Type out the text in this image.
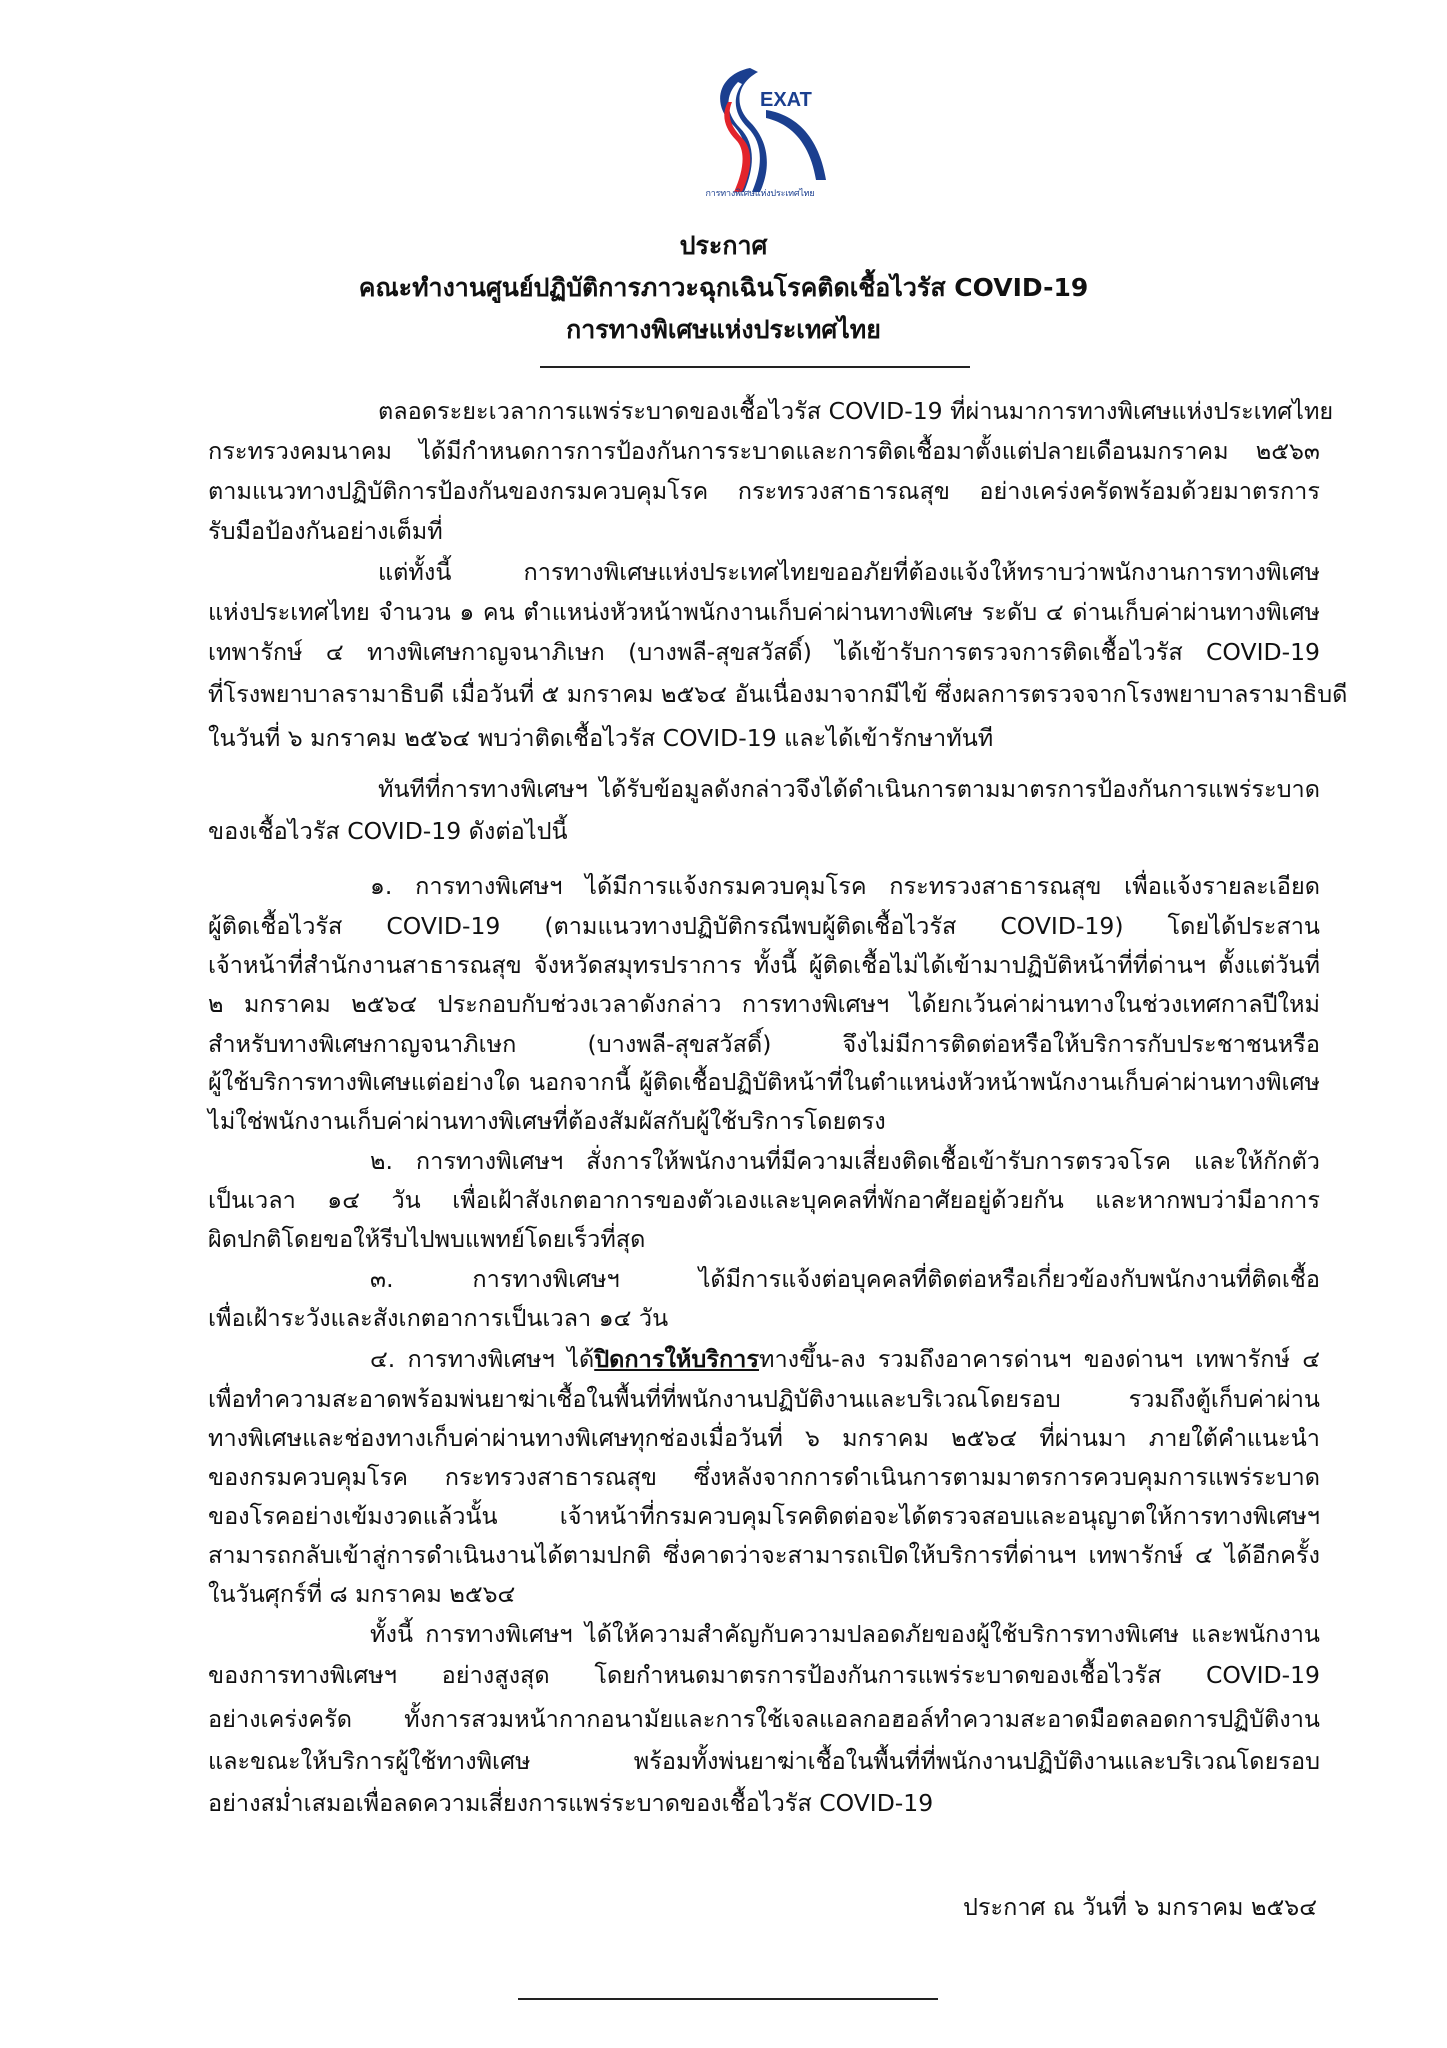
EXAT
การทางพิเศษแห่งประเทศไทย
ประกาศ
คณะทำงานศูนย์ปฏิบัติการภาวะฉุกเฉินโรคติดเชื้อไวรัส COVID-19
การทางพิเศษแห่งประเทศไทย
ตลอดระยะเวลาการแพร่ระบาดของเชื้อไวรัส COVID-19 ที่ผ่านมาการทางพิเศษแห่งประเทศไทย
กระทรวงคมนาคม ได้มีกำหนดการการป้องกันการระบาดและการติดเชื้อมาตั้งแต่ปลายเดือนมกราคม ๒๕๖๓
ตามแนวทางปฏิบัติการป้องกันของกรมควบคุมโรค กระทรวงสาธารณสุข อย่างเคร่งครัดพร้อมด้วยมาตรการ
รับมือป้องกันอย่างเต็มที่
แต่ทั้งนี้ การทางพิเศษแห่งประเทศไทยขออภัยที่ต้องแจ้งให้ทราบว่าพนักงานการทางพิเศษ
แห่งประเทศไทย จำนวน ๑ คน ตำแหน่งหัวหน้าพนักงานเก็บค่าผ่านทางพิเศษ ระดับ ๔ ด่านเก็บค่าผ่านทางพิเศษ
เทพารักษ์ ๔ ทางพิเศษกาญจนาภิเษก (บางพลี-สุขสวัสดิ์) ได้เข้ารับการตรวจการติดเชื้อไวรัส COVID-19
ที่โรงพยาบาลรามาธิบดี เมื่อวันที่ ๕ มกราคม ๒๕๖๔ อันเนื่องมาจากมีไข้ ซึ่งผลการตรวจจากโรงพยาบาลรามาธิบดี
ในวันที่ ๖ มกราคม ๒๕๖๔ พบว่าติดเชื้อไวรัส COVID-19 และได้เข้ารักษาทันที
ทันทีที่การทางพิเศษฯ ได้รับข้อมูลดังกล่าวจึงได้ดำเนินการตามมาตรการป้องกันการแพร่ระบาด
ของเชื้อไวรัส COVID-19 ดังต่อไปนี้
๑. การทางพิเศษฯ ได้มีการแจ้งกรมควบคุมโรค กระทรวงสาธารณสุข เพื่อแจ้งรายละเอียด
ผู้ติดเชื้อไวรัส COVID-19 (ตามแนวทางปฏิบัติกรณีพบผู้ติดเชื้อไวรัส COVID-19) โดยได้ประสาน
เจ้าหน้าที่สำนักงานสาธารณสุข จังหวัดสมุทรปราการ ทั้งนี้ ผู้ติดเชื้อไม่ได้เข้ามาปฏิบัติหน้าที่ที่ด่านฯ ตั้งแต่วันที่
๒ มกราคม ๒๕๖๔ ประกอบกับช่วงเวลาดังกล่าว การทางพิเศษฯ ได้ยกเว้นค่าผ่านทางในช่วงเทศกาลปีใหม่
สำหรับทางพิเศษกาญจนาภิเษก (บางพลี-สุขสวัสดิ์) จึงไม่มีการติดต่อหรือให้บริการกับประชาชนหรือ
ผู้ใช้บริการทางพิเศษแต่อย่างใด นอกจากนี้ ผู้ติดเชื้อปฏิบัติหน้าที่ในตำแหน่งหัวหน้าพนักงานเก็บค่าผ่านทางพิเศษ
ไม่ใช่พนักงานเก็บค่าผ่านทางพิเศษที่ต้องสัมผัสกับผู้ใช้บริการโดยตรง
๒. การทางพิเศษฯ สั่งการให้พนักงานที่มีความเสี่ยงติดเชื้อเข้ารับการตรวจโรค และให้กักตัว
เป็นเวลา ๑๔ วัน เพื่อเฝ้าสังเกตอาการของตัวเองและบุคคลที่พักอาศัยอยู่ด้วยกัน และหากพบว่ามีอาการ
ผิดปกติโดยขอให้รีบไปพบแพทย์โดยเร็วที่สุด
๓. การทางพิเศษฯ ได้มีการแจ้งต่อบุคคลที่ติดต่อหรือเกี่ยวข้องกับพนักงานที่ติดเชื้อ
เพื่อเฝ้าระวังและสังเกตอาการเป็นเวลา ๑๔ วัน
๔. การทางพิเศษฯ ได้ปิดการให้บริการทางขึ้น-ลง รวมถึงอาคารด่านฯ ของด่านฯ เทพารักษ์ ๔
เพื่อทำความสะอาดพร้อมพ่นยาฆ่าเชื้อในพื้นที่ที่พนักงานปฏิบัติงานและบริเวณโดยรอบ รวมถึงตู้เก็บค่าผ่าน
ทางพิเศษและช่องทางเก็บค่าผ่านทางพิเศษทุกช่องเมื่อวันที่ ๖ มกราคม ๒๕๖๔ ที่ผ่านมา ภายใต้คำแนะนำ
ของกรมควบคุมโรค กระทรวงสาธารณสุข ซึ่งหลังจากการดำเนินการตามมาตรการควบคุมการแพร่ระบาด
ของโรคอย่างเข้มงวดแล้วนั้น เจ้าหน้าที่กรมควบคุมโรคติดต่อจะได้ตรวจสอบและอนุญาตให้การทางพิเศษฯ
สามารถกลับเข้าสู่การดำเนินงานได้ตามปกติ ซึ่งคาดว่าจะสามารถเปิดให้บริการที่ด่านฯ เทพารักษ์ ๔ ได้อีกครั้ง
ในวันศุกร์ที่ ๘ มกราคม ๒๕๖๔
ทั้งนี้ การทางพิเศษฯ ได้ให้ความสำคัญกับความปลอดภัยของผู้ใช้บริการทางพิเศษ และพนักงาน
ของการทางพิเศษฯ อย่างสูงสุด โดยกำหนดมาตรการป้องกันการแพร่ระบาดของเชื้อไวรัส COVID-19
อย่างเคร่งครัด ทั้งการสวมหน้ากากอนามัยและการใช้เจลแอลกอฮอล์ทำความสะอาดมือตลอดการปฏิบัติงาน
และขณะให้บริการผู้ใช้ทางพิเศษ พร้อมทั้งพ่นยาฆ่าเชื้อในพื้นที่ที่พนักงานปฏิบัติงานและบริเวณโดยรอบ
อย่างสม่ำเสมอเพื่อลดความเสี่ยงการแพร่ระบาดของเชื้อไวรัส COVID-19
ประกาศ ณ วันที่ ๖ มกราคม ๒๕๖๔
